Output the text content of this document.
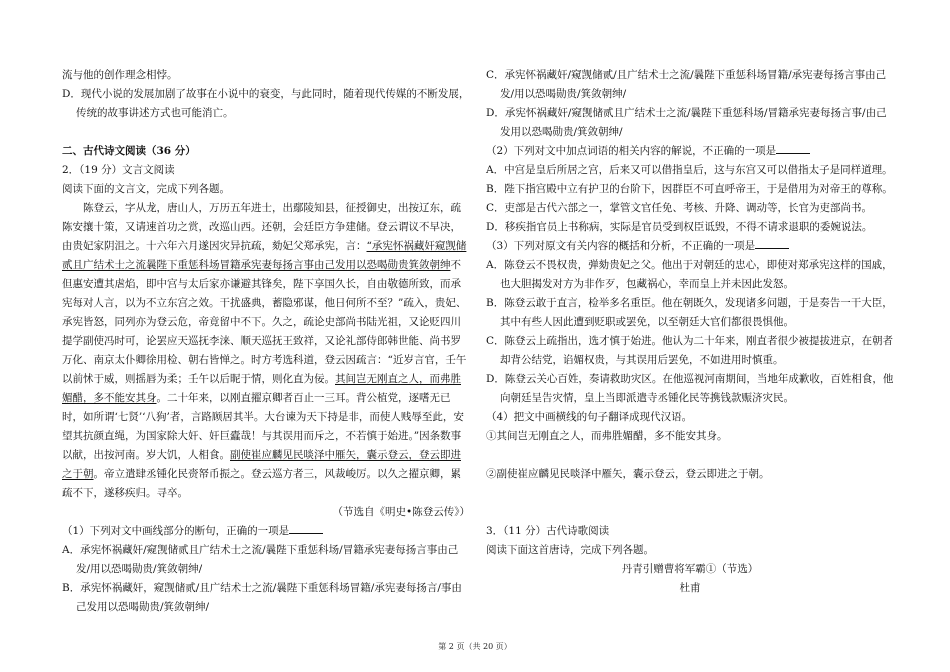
流与他的创作理念相悖。

D．现代小说的发展加剧了故事在小说中的衰变，与此同时，随着现代传媒的不断发展，传统的故事讲述方式也可能消亡。

二、古代诗文阅读（36 分）

2．（19 分）文言文阅读

阅读下面的文言文，完成下列各题。

陈登云，字从龙，唐山人，万历五年进士，出鄢陵知县，征授御史，出按辽东，疏陈安攘十策，又请速首功之赏，改巡山西。还朝，会廷臣方争建储。登云谓议不早决，由贵妃家阴沮之。十六年六月遂因灾异抗疏，劾妃父郑承宪，言：“承宪怀祸藏奸窥觊储贰且广结术士之流曩陛下重惩科场冒籍承宪妻每扬言事由己发用以恐喝勋贵箕敛朝绅不但惠安遭其虐焰，即中宫与太后家亦谦避其锋矣，陛下享国久长，自由敬德所致，而承宪每对人言，以为不立东宫之效。干扰盛典，蓄隐邪谋，他日何所不至？”疏入，贵妃、承宪皆怒，同列亦为登云危，帝竟留中不下。久之，疏论史部尚书陆光祖，又论贬四川提学副使冯时可，论罢应天巡抚李涞、顺天巡抚王致祥，又论礼部侍郎韩世能、尚书罗万化、南京太仆卿徐用检、朝右皆惮之。时方考选科道，登云因疏言：“近岁言官，壬午以前怵于威，则摇唇为柔；壬午以后昵于情，则化直为佞。其间岂无刚直之人，而弗胜媚醋，多不能安其身。二十年来，以刚直擢京卿者百止一三耳。背公植党，逐嗜无已时，如所谓‘七贤’‘八狗’者，言路顾居其半。大台谏为天下持是非，而使人贱辱至此，安望其抗颜直绳，为国家除大奸、奸巨蠹哉！与其误用而斥之，不若慎于始进。”因条数事以献，出按河南。岁大饥，人相食。副使崔应麟见民啖泽中雁矢，囊示登云，登云即进之于朝。帝立遣肆丞锺化民赍帑币振之。登云巡方者三，风裁峻厉。以久之擢京卿，累疏不下，遂移疾归。寻卒。

（节选自《明史•陈登云传》）

（1）下列对文中画线部分的断句，正确的一项是

A．承宪怀祸藏奸/窥觊储贰且广结术士之流/曩陛下重惩科场/冒籍承宪妻每扬言事由己发/用以恐喝勋贵/箕敛朝绅/

B．承宪怀祸藏奸，窥觊储贰/且广结术士之流/曩陛下重惩科场冒籍/承宪妻每扬言/事由己发用以恐喝勋贵/箕敛朝绅/

C．承宪怀祸藏奸/窥觊储贰/且广结术士之流/曩陛下重惩科场冒籍/承宪妻每扬言事由己发/用以恐喝勋贵/箕敛朝绅/

D．承宪怀祸藏奸/窥觊储贰且广结术士之流/曩陛下重惩科场/冒籍承宪妻每扬言事/由己发用以恐喝勋贵/箕敛朝绅/

（2）下列对文中加点词语的相关内容的解说，不正确的一项是

A．中宫是皇后所居之宫，后来又可以借指皇后，这与东宫又可以借指太子是同样道理。

B．陛下指宫殿中立有护卫的台阶下，因群臣不可直呼帝王，于是借用为对帝王的尊称。

C．吏部是古代六部之一，掌管文官任免、考核、升降、调动等，长官为吏部尚书。

D．移疾指官员上书称病，实际是官员受到权臣诋毁，不得不请求退职的委婉说法。

（3）下列对原文有关内容的概括和分析，不正确的一项是

A．陈登云不畏权贵，弹劾贵妃之父。他出于对朝廷的忠心，即使对郑承宪这样的国戚，也大胆揭发对方为非作歹，包藏祸心，幸而皇上并未因此发怒。

B．陈登云敢于直言，检举多名重臣。他在朝既久，发现诸多问题，于是奏告一干大臣，其中有些人因此遭到贬职或罢免，以至朝廷大官们都很畏惧他。

C．陈登云上疏指出，选才慎于始进。他认为二十年来，刚直者很少被提拔进京，在朝者却背公结党，谄媚权贵，与其误用后罢免，不如进用时慎重。

D．陈登云关心百姓，奏请救助灾区。在他巡视河南期间，当地年成歉收，百姓相食，他向朝廷呈告灾情，皇上当即派遣寺丞锺化民等携钱款赈济灾民。

（4）把文中画横线的句子翻译成现代汉语。

①其间岂无刚直之人，而弗胜媚醋，多不能安其身。

②副使崔应麟见民啖泽中雁矢，囊示登云，登云即进之于朝。

3．（11 分）古代诗歌阅读

阅读下面这首唐诗，完成下列各题。

丹青引赠曹将军霸①（节选）

杜甫

第 2 页（共 20 页）
